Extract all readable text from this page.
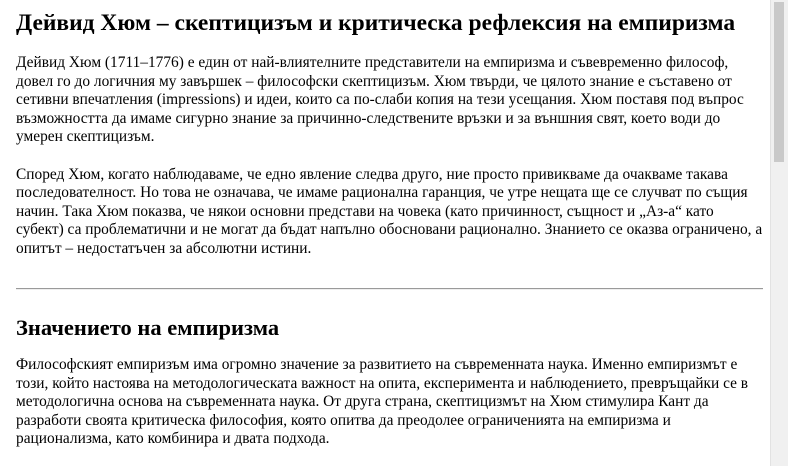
Дейвид Хюм – скептицизъм и критическа рефлексия на емпиризма

Дейвид Хюм (1711–1776) е един от най-влиятелните представители на емпиризма и съвевременно философ, довел го до логичния му завършек – философски скептицизъм. Хюм твърди, че цялото знание е съставено от сетивни впечатления (impressions) и идеи, които са по-слаби копия на тези усещания. Хюм поставя под въпрос възможността да имаме сигурно знание за причинно-следствените връзки и за външния свят, което води до умерен скептицизъм.

Според Хюм, когато наблюдаваме, че едно явление следва друго, ние просто привикваме да очакваме такава последователност. Но това не означава, че имаме рационална гаранция, че утре нещата ще се случват по същия начин. Така Хюм показва, че някои основни представи на човека (като причинност, същност и „Аз-а“ като субект) са проблематични и не могат да бъдат напълно обосновани рационално. Знанието се оказва ограничено, а опитът – недостатъчен за абсолютни истини.

Значението на емпиризма

Философският емпиризъм има огромно значение за развитието на съвременната наука. Именно емпиризмът е този, който настоява на методологическата важност на опита, експеримента и наблюдението, превръщайки се в методологична основа на съвременната наука. От друга страна, скептицизмът на Хюм стимулира Кант да разработи своята критическа философия, която опитва да преодолее ограниченията на емпиризма и рационализма, като комбинира и двата подхода.
